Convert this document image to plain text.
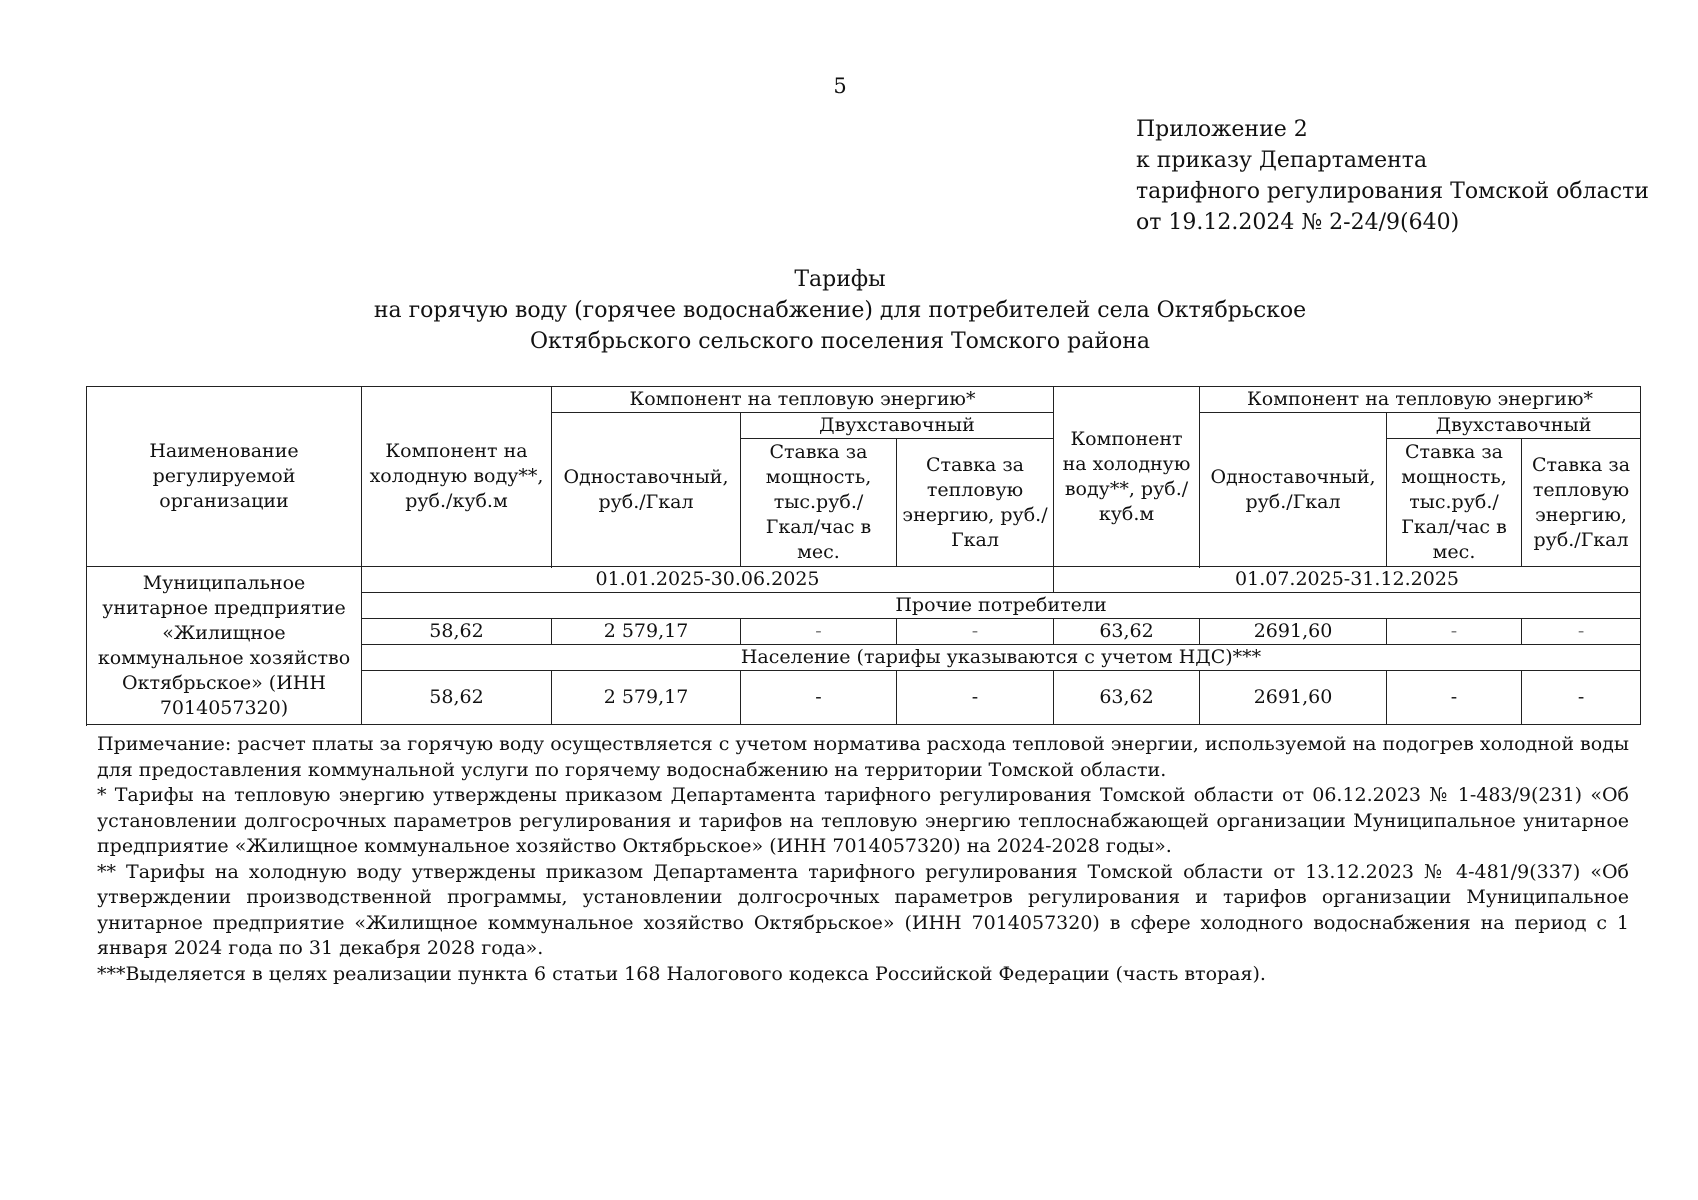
5
Приложение 2
к приказу Департамента
тарифного регулирования Томской области
от 19.12.2024 № 2-24/9(640)
Тарифы
на горячую воду (горячее водоснабжение) для потребителей села Октябрьское
Октябрьского сельского поселения Томского района
Наименование регулируемой организации	Компонент на холодную воду**, руб./куб.м	Компонент на тепловую энергию*			Компонент на холодную воду**, руб./куб.м	Компонент на тепловую энергию*		
		Одноставочный, руб./Гкал	Двухставочный			Одноставочный, руб./Гкал	Двухставочный	
			Ставка за мощность, тыс.руб./ Гкал/час в мес.	Ставка за тепловую энергию, руб./Гкал			Ставка за мощность, тыс.руб./ Гкал/час в мес.	Ставка за тепловую энергию, руб./Гкал

Муниципальное унитарное предприятие «Жилищное коммунальное хозяйство Октябрьское» (ИНН 7014057320)	01.01.2025-30.06.2025				01.07.2025-31.12.2025			
	Прочие потребители							
	58,62	2 579,17	-	-	63,62	2691,60	-	-
	Население (тарифы указываются с учетом НДС)***							
	58,62	2 579,17	-	-	63,62	2691,60	-	-

Примечание: расчет платы за горячую воду осуществляется с учетом норматива расхода тепловой энергии, используемой на подогрев холодной воды для предоставления коммунальной услуги по горячему водоснабжению на территории Томской области.

* Тарифы на тепловую энергию утверждены приказом Департамента тарифного регулирования Томской области от 06.12.2023 № 1-483/9(231) «Об установлении долгосрочных параметров регулирования и тарифов на тепловую энергию теплоснабжающей организации Муниципальное унитарное предприятие «Жилищное коммунальное хозяйство Октябрьское» (ИНН 7014057320) на 2024-2028 годы».

** Тарифы на холодную воду утверждены приказом Департамента тарифного регулирования Томской области от 13.12.2023 № 4-481/9(337) «Об утверждении производственной программы, установлении долгосрочных параметров регулирования и тарифов организации Муниципальное унитарное предприятие «Жилищное коммунальное хозяйство Октябрьское» (ИНН 7014057320) в сфере холодного водоснабжения на период с 1 января 2024 года по 31 декабря 2028 года».

***Выделяется в целях реализации пункта 6 статьи 168 Налогового кодекса Российской Федерации (часть вторая).
